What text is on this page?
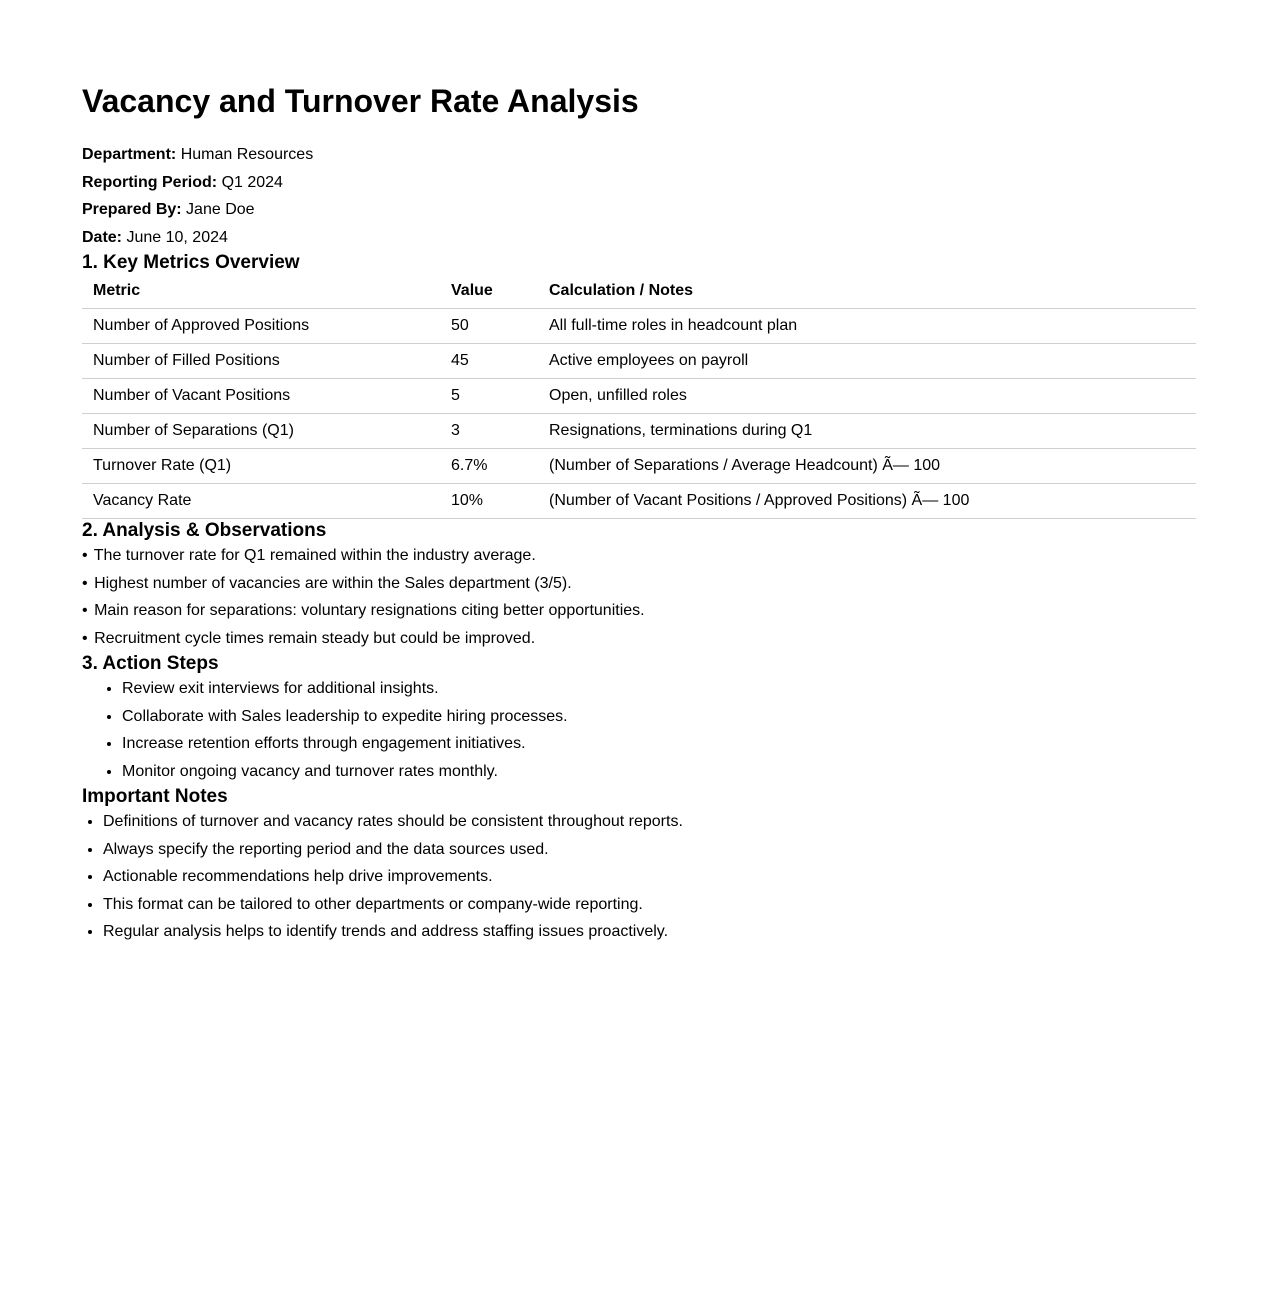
Vacancy and Turnover Rate Analysis
Department: Human Resources
Reporting Period: Q1 2024
Prepared By: Jane Doe
Date: June 10, 2024
1. Key Metrics Overview
Metric	Value	Calculation / Notes
Number of Approved Positions	50	All full-time roles in headcount plan
Number of Filled Positions	45	Active employees on payroll
Number of Vacant Positions	5	Open, unfilled roles
Number of Separations (Q1)	3	Resignations, terminations during Q1
Turnover Rate (Q1)	6.7%	(Number of Separations / Average Headcount) Ã— 100
Vacancy Rate	10%	(Number of Vacant Positions / Approved Positions) Ã— 100
2. Analysis & Observations

• The turnover rate for Q1 remained within the industry average.

• Highest number of vacancies are within the Sales department (3/5).

• Main reason for separations: voluntary resignations citing better opportunities.

• Recruitment cycle times remain steady but could be improved.

3. Action Steps
• Review exit interviews for additional insights.
• Collaborate with Sales leadership to expedite hiring processes.
• Increase retention efforts through engagement initiatives.
• Monitor ongoing vacancy and turnover rates monthly.
Important Notes
• Definitions of turnover and vacancy rates should be consistent throughout reports.
• Always specify the reporting period and the data sources used.
• Actionable recommendations help drive improvements.
• This format can be tailored to other departments or company-wide reporting.
• Regular analysis helps to identify trends and address staffing issues proactively.
